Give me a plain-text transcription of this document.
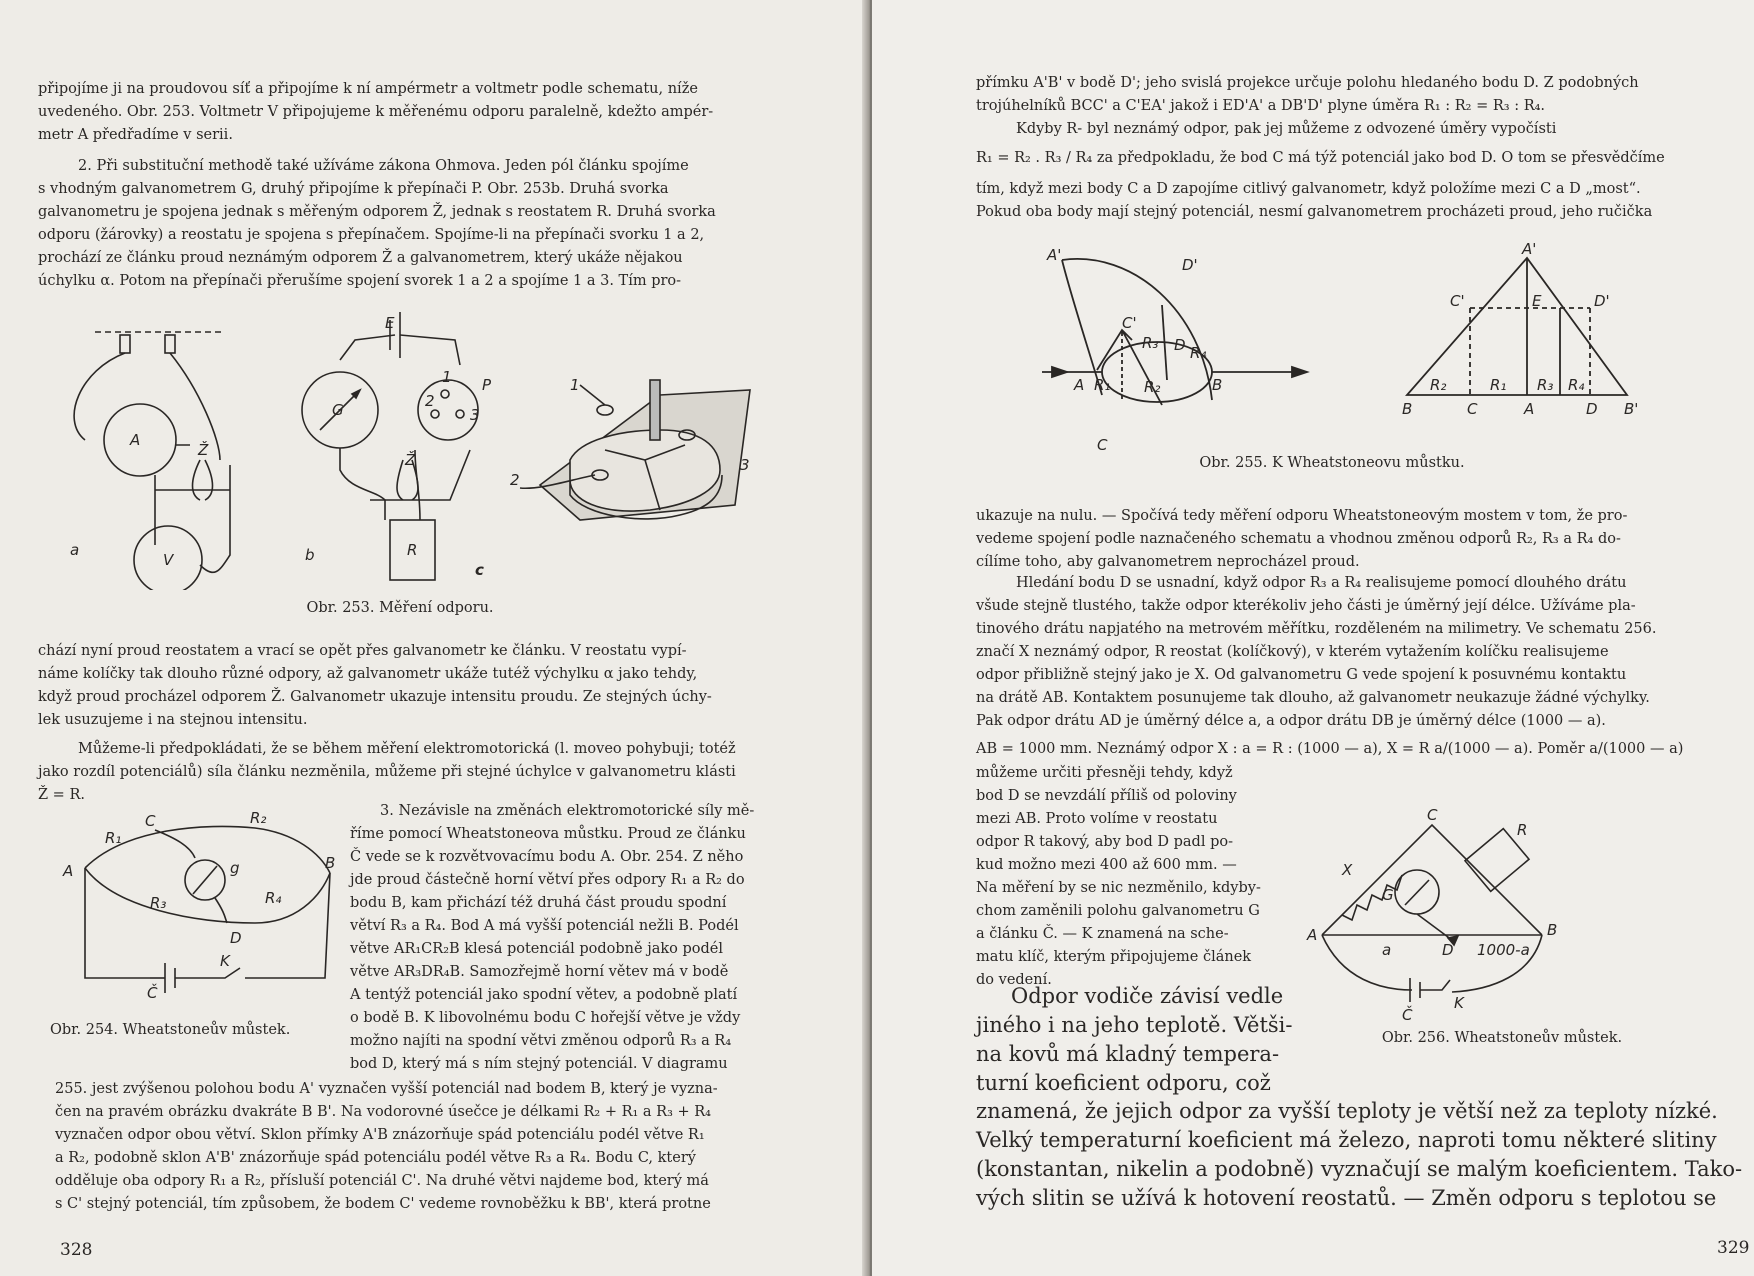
připojíme ji na proudovou síť a připojíme k ní ampérmetr a voltmetr podle schematu, níže
uvedeného. Obr. 253. Voltmetr V připojujeme k měřenému odporu paralelně, kdežto ampér-
metr A předřadíme v serii.
2. Při substituční methodě také užíváme zákona Ohmova. Jeden pól článku spojíme
s vhodným galvanometrem G, druhý připojíme k přepínači P. Obr. 253b. Druhá svorka
galvanometru je spojena jednak s měřeným odporem Ž, jednak s reostatem R. Druhá svorka
odporu (žárovky) a reostatu je spojena s přepínačem. Spojíme-li na přepínači svorku 1 a 2,
prochází ze článku proud neznámým odporem Ž a galvanometrem, který ukáže nějakou
úchylku α. Potom na přepínači přerušíme spojení svorek 1 a 2 a spojíme 1 a 3. Tím pro-
A
V
Ž
a
G
R
E
P
Ž
1
2
3
b
1
2
3
c

Obr. 253. Měření odporu.

chází nyní proud reostatem a vrací se opět přes galvanometr ke článku. V reostatu vypí-
náme kolíčky tak dlouho různé odpory, až galvanometr ukáže tutéž výchylku α jako tehdy,
když proud procházel odporem Ž. Galvanometr ukazuje intensitu proudu. Ze stejných úchy-
lek usuzujeme i na stejnou intensitu.
Můžeme-li předpokládati, že se během měření elektromotorická (l. moveo pohybuji; totéž
jako rozdíl potenciálů) síla článku nezměnila, můžeme při stejné úchylce v galvanometru klásti
Ž = R.
C	R₂
R₁
A	B
g
R₃	R₄
D
Č
K

Obr. 254. Wheatstoneův můstek.

3. Nezávisle na změnách elektromotorické síly mě-
říme pomocí Wheatstoneova můstku. Proud ze článku
Č vede se k rozvětvovacímu bodu A. Obr. 254. Z něho
jde proud částečně horní větví přes odpory R₁ a R₂ do
bodu B, kam přichází též druhá část proudu spodní
větví R₃ a R₄. Bod A má vyšší potenciál nežli B. Podél
větve AR₁CR₂B klesá potenciál podobně jako podél
větve AR₃DR₄B. Samozřejmě horní větev má v bodě
A tentýž potenciál jako spodní větev, a podobně platí
o bodě B. K libovolnému bodu C hořejší větve je vždy
možno najíti na spodní větvi změnou odporů R₃ a R₄
bod D, který má s ním stejný potenciál. V diagramu
255. jest zvýšenou polohou bodu A' vyznačen vyšší potenciál nad bodem B, který je vyzna-
čen na pravém obrázku dvakráte B B'. Na vodorovné úsečce je délkami R₂ + R₁ a R₃ + R₄
vyznačen odpor obou větví. Sklon přímky A'B znázorňuje spád potenciálu podél větve R₁
a R₂, podobně sklon A'B' znázorňuje spád potenciálu podél větve R₃ a R₄. Bodu C, který
odděluje oba odpory R₁ a R₂, přísluší potenciál C'. Na druhé větvi najdeme bod, který má
s C' stejný potenciál, tím způsobem, že bodem C' vedeme rovnoběžku k BB', která protne
328
přímku A'B' v bodě D'; jeho svislá projekce určuje polohu hledaného bodu D. Z podobných
trojúhelníků BCC' a C'EA' jakož i ED'A' a DB'D' plyne úměra R₁ : R₂ = R₃ : R₄.
Kdyby R- byl neznámý odpor, pak jej můžeme z odvozené úměry vypočísti
R₁ = R₂ . R₃ / R₄ za předpokladu, že bod C má týž potenciál jako bod D. O tom se přesvědčíme
tím, když mezi body C a D zapojíme citlivý galvanometr, když položíme mezi C a D „most“.
Pokud oba body mají stejný potenciál, nesmí galvanometrem procházeti proud, jeho ručička
A'
D'
C'
R₃ D R₄
A R₁ R₂	B
C
A'
C'	E	D'
R₂	R₁ R₃ R₄
B	C	A	D B'

Obr. 255. K Wheatstoneovu můstku.

ukazuje na nulu. — Spočívá tedy měření odporu Wheatstoneovým mostem v tom, že pro-
vedeme spojení podle naznačeného schematu a vhodnou změnou odporů R₂, R₃ a R₄ do-
cílíme toho, aby galvanometrem neprocházel proud.
Hledání bodu D se usnadní, když odpor R₃ a R₄ realisujeme pomocí dlouhého drátu
všude stejně tlustého, takže odpor kterékoliv jeho části je úměrný její délce. Užíváme pla-
tinového drátu napjatého na metrovém měřítku, rozděleném na milimetry. Ve schematu 256.
značí X neznámý odpor, R reostat (kolíčkový), v kterém vytažením kolíčku realisujeme
odpor přibližně stejný jako je X. Od galvanometru G vede spojení k posuvnému kontaktu
na drátě AB. Kontaktem posunujeme tak dlouho, až galvanometr neukazuje žádné výchylky.
Pak odpor drátu AD je úměrný délce a, a odpor drátu DB je úměrný délce (1000 — a).
AB = 1000 mm. Neznámý odpor X : a = R : (1000 — a), X = R a/(1000 — a). Poměr a/(1000 — a)
můžeme určiti přesněji tehdy, když
bod D se nevzdálí příliš od poloviny
mezi AB. Proto volíme v reostatu
odpor R takový, aby bod D padl po-
kud možno mezi 400 až 600 mm. —
Na měření by se nic nezměnilo, kdyby-
chom zaměnili polohu galvanometru G
a článku Č. — K znamená na sche-
matu klíč, kterým připojujeme článek
do vedení.
C
X
R
G
A	B
a	D 1000-a
Č
K

Obr. 256. Wheatstoneův můstek.

Odpor vodiče závisí vedle
jiného i na jeho teplotě. Větši-
na kovů má kladný tempera-
turní koeficient odporu, což
znamená, že jejich odpor za vyšší teploty je větší než za teploty nízké.
Velký temperaturní koeficient má železo, naproti tomu některé slitiny
(konstantan, nikelin a podobně) vyznačují se malým koeficientem. Tako-
vých slitin se užívá k hotovení reostatů. — Změn odporu s teplotou se
329
